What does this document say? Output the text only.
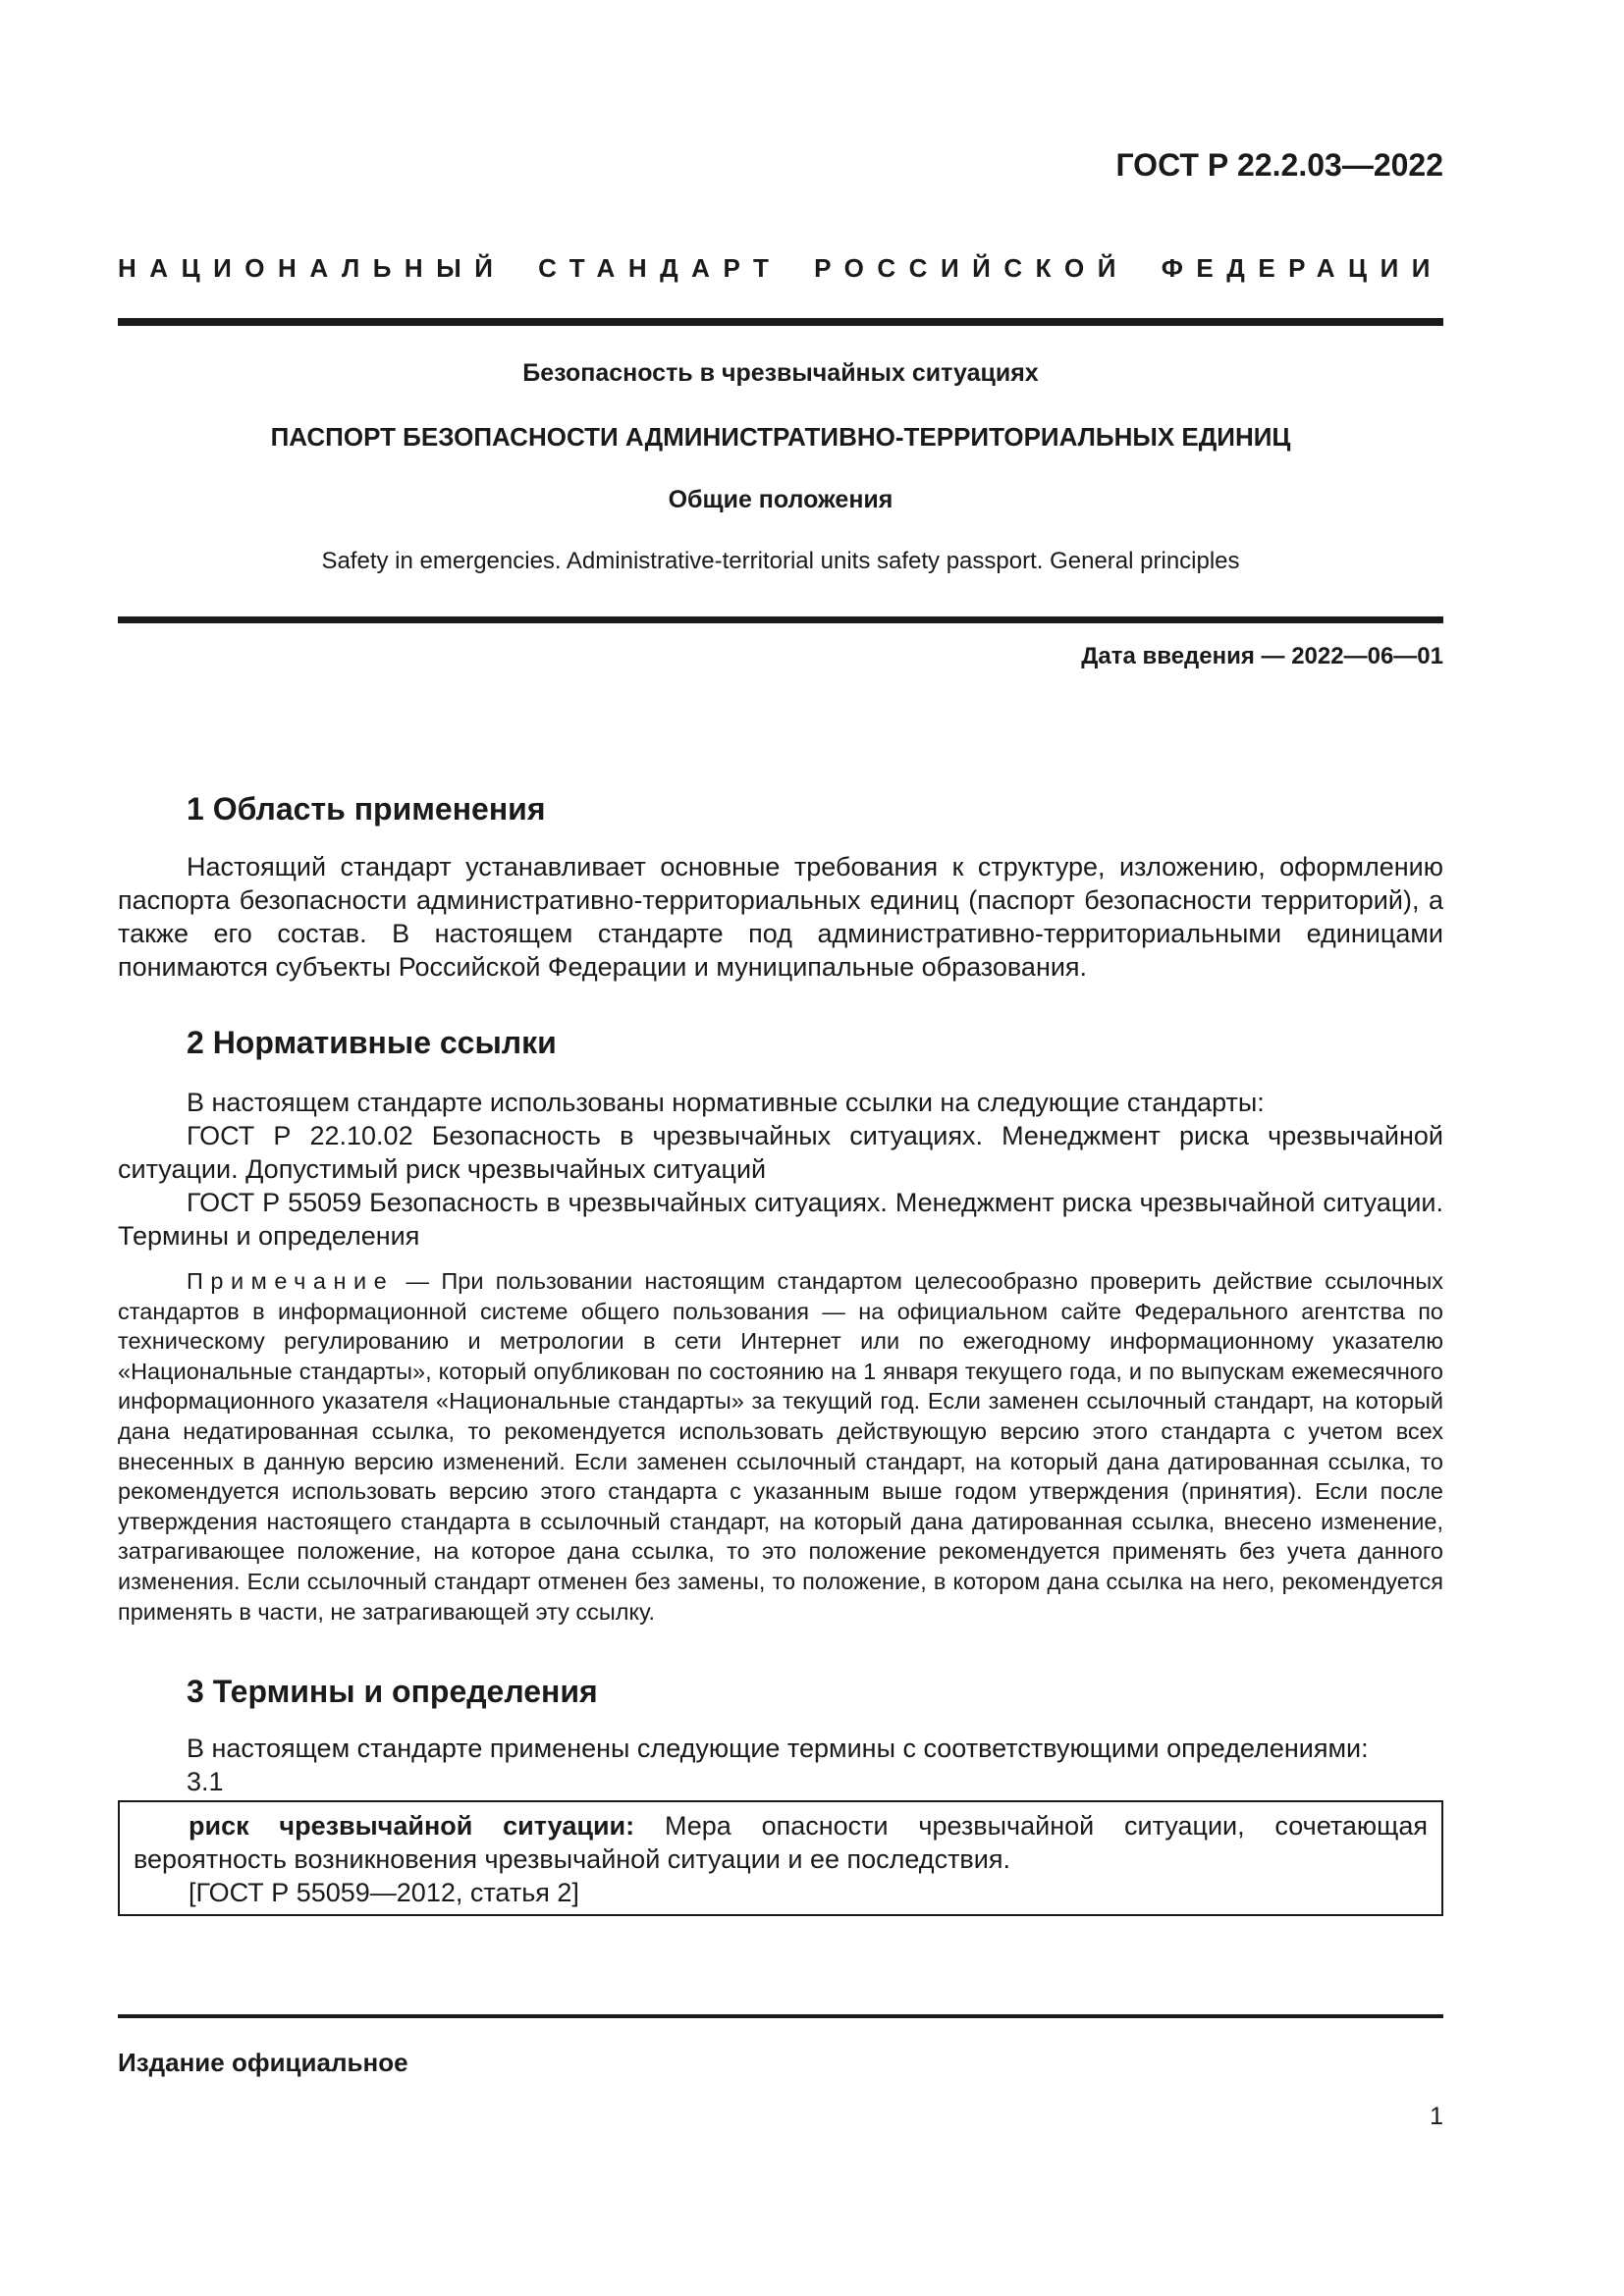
ГОСТ Р 22.2.03—2022
НАЦИОНАЛЬНЫЙ СТАНДАРТ РОССИЙСКОЙ ФЕДЕРАЦИИ
Безопасность в чрезвычайных ситуациях
ПАСПОРТ БЕЗОПАСНОСТИ АДМИНИСТРАТИВНО-ТЕРРИТОРИАЛЬНЫХ ЕДИНИЦ
Общие положения
Safety in emergencies. Administrative-territorial units safety passport. General principles
Дата введения — 2022—06—01
1 Область применения

Настоящий стандарт устанавливает основные требования к структуре, изложению, оформлению паспорта безопасности административно-территориальных единиц (паспорт безопасности территорий), а также его состав. В настоящем стандарте под административно-территориальными единицами понимаются субъекты Российской Федерации и муниципальные образования.

2 Нормативные ссылки

В настоящем стандарте использованы нормативные ссылки на следующие стандарты:

ГОСТ Р 22.10.02 Безопасность в чрезвычайных ситуациях. Менеджмент риска чрезвычайной ситуации. Допустимый риск чрезвычайных ситуаций

ГОСТ Р 55059 Безопасность в чрезвычайных ситуациях. Менеджмент риска чрезвычайной ситуации. Термины и определения

Примечание — При пользовании настоящим стандартом целесообразно проверить действие ссылочных стандартов в информационной системе общего пользования — на официальном сайте Федерального агентства по техническому регулированию и метрологии в сети Интернет или по ежегодному информационному указателю «Национальные стандарты», который опубликован по состоянию на 1 января текущего года, и по выпускам ежемесячного информационного указателя «Национальные стандарты» за текущий год. Если заменен ссылочный стандарт, на который дана недатированная ссылка, то рекомендуется использовать действующую версию этого стандарта с учетом всех внесенных в данную версию изменений. Если заменен ссылочный стандарт, на который дана датированная ссылка, то рекомендуется использовать версию этого стандарта с указанным выше годом утверждения (принятия). Если после утверждения настоящего стандарта в ссылочный стандарт, на который дана датированная ссылка, внесено изменение, затрагивающее положение, на которое дана ссылка, то это положение рекомендуется применять без учета данного изменения. Если ссылочный стандарт отменен без замены, то положение, в котором дана ссылка на него, рекомендуется применять в части, не затрагивающей эту ссылку.
3 Термины и определения

В настоящем стандарте применены следующие термины с соответствующими определениями:

3.1

риск чрезвычайной ситуации: Мера опасности чрезвычайной ситуации, сочетающая вероятность возникновения чрезвычайной ситуации и ее последствия.

[ГОСТ Р 55059—2012, статья 2]

Издание официальное
1
